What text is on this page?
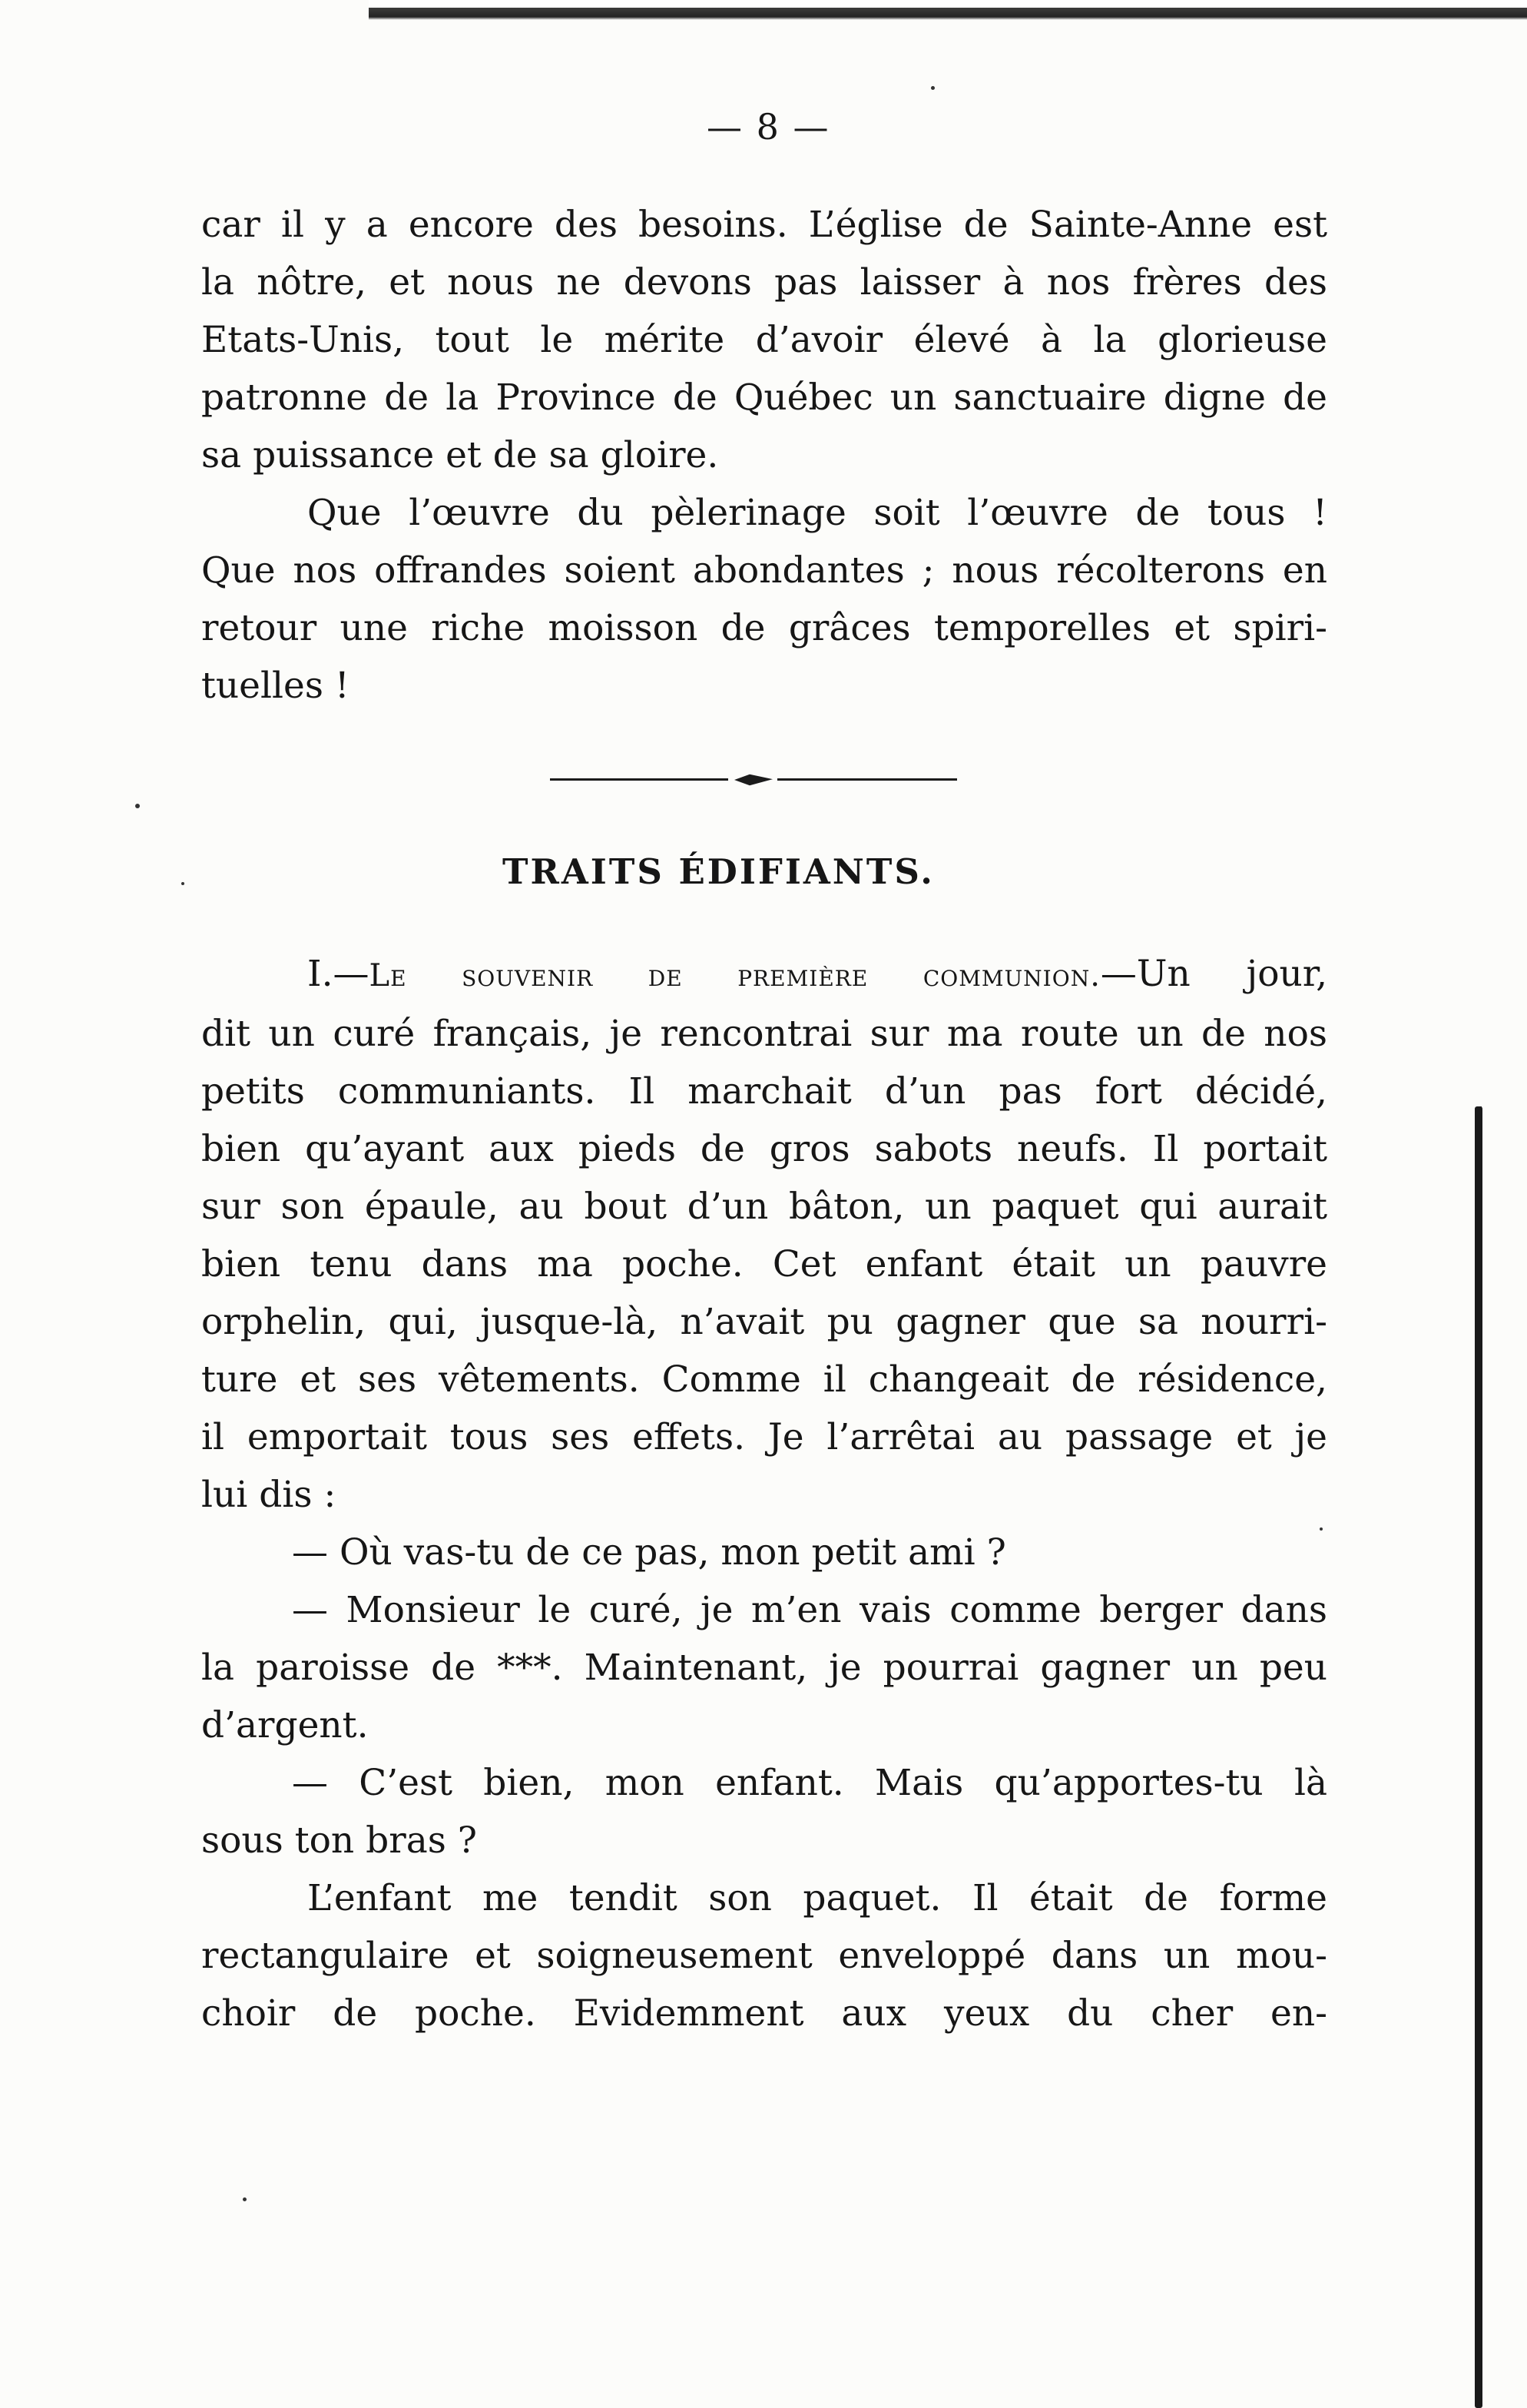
— 8 —
car il y a encore des besoins. L’église de Sainte-Anne est
la nôtre, et nous ne devons pas laisser à nos frères des
Etats-Unis, tout le mérite d’avoir élevé à la glorieuse
patronne de la Province de Québec un sanctuaire digne de
sa puissance et de sa gloire.
Que l’œuvre du pèlerinage soit l’œuvre de tous !
Que nos offrandes soient abondantes ; nous récolterons en
retour une riche moisson de grâces temporelles et spiri-
tuelles !
TRAITS ÉDIFIANTS.
I.—Le souvenir de première communion.—Un jour,
dit un curé français, je rencontrai sur ma route un de nos
petits communiants. Il marchait d’un pas fort décidé,
bien qu’ayant aux pieds de gros sabots neufs. Il portait
sur son épaule, au bout d’un bâton, un paquet qui aurait
bien tenu dans ma poche. Cet enfant était un pauvre
orphelin, qui, jusque-là, n’avait pu gagner que sa nourri-
ture et ses vêtements. Comme il changeait de résidence,
il emportait tous ses effets. Je l’arrêtai au passage et je
lui dis :
— Où vas-tu de ce pas, mon petit ami ?
— Monsieur le curé, je m’en vais comme berger dans
la paroisse de ***. Maintenant, je pourrai gagner un peu
d’argent.
— C’est bien, mon enfant. Mais qu’apportes-tu là
sous ton bras ?
L’enfant me tendit son paquet. Il était de forme
rectangulaire et soigneusement enveloppé dans un mou-
choir de poche. Evidemment aux yeux du cher en-
